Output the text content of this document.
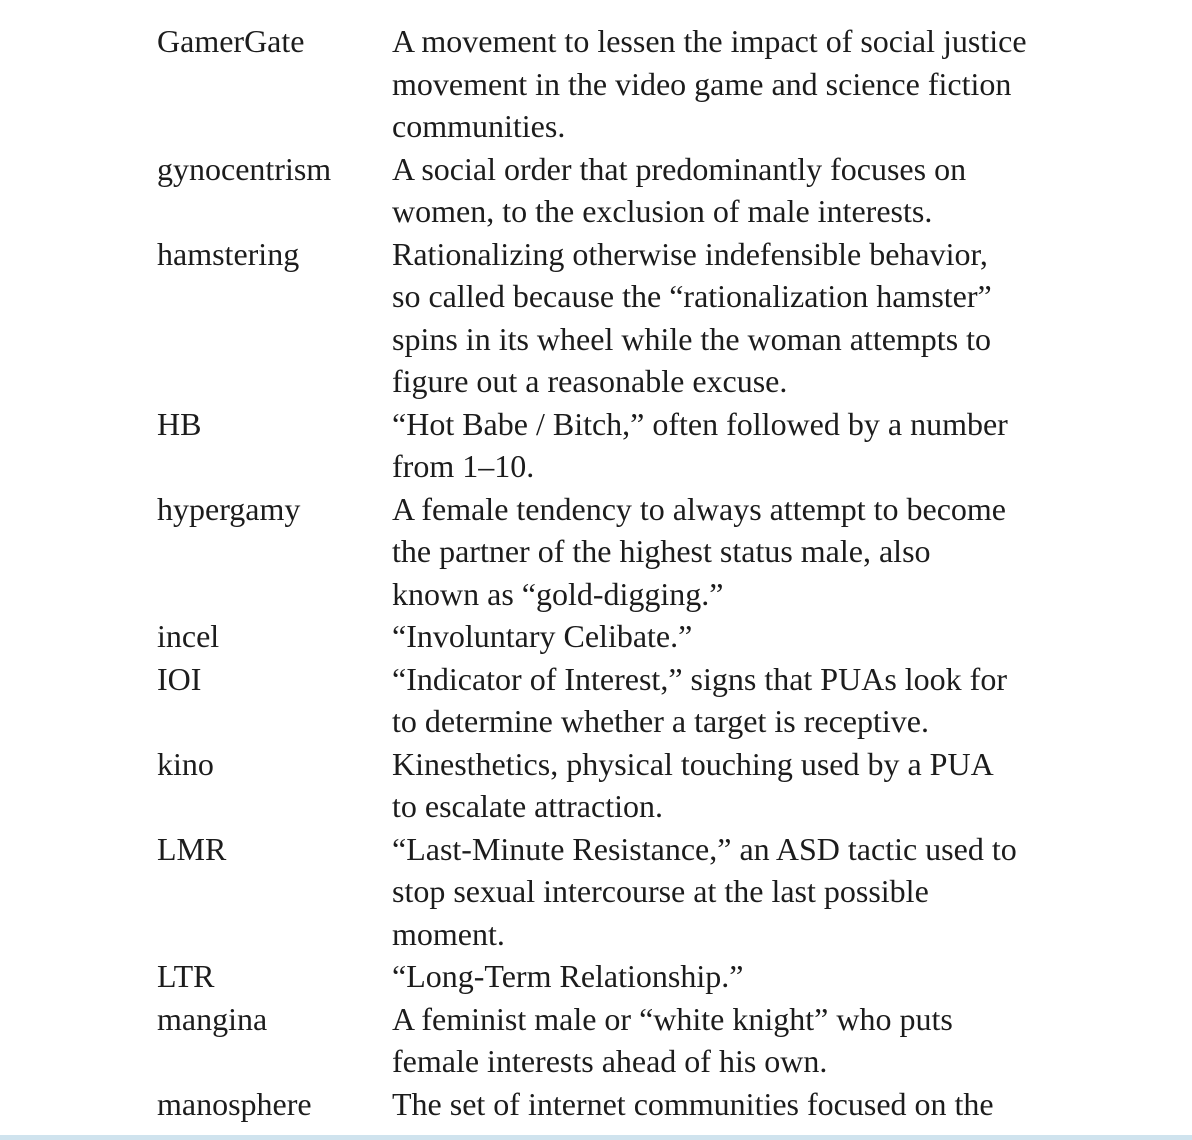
GamerGate	A movement to lessen the impact of social justice
movement in the video game and science fiction
communities.
gynocentrism A social order that predominantly focuses on
women, to the exclusion of male interests.
hamstering	Rationalizing otherwise indefensible behavior,
so called because the “rationalization hamster”
spins in its wheel while the woman attempts to
figure out a reasonable excuse.
HB	“Hot Babe / Bitch,” often followed by a number
from 1–10.
hypergamy	A female tendency to always attempt to become
the partner of the highest status male, also
known as “gold-digging.”
incel	“Involuntary Celibate.”
IOI	“Indicator of Interest,” signs that PUAs look for
to determine whether a target is receptive.
kino	Kinesthetics, physical touching used by a PUA
to escalate attraction.
LMR	“Last-Minute Resistance,” an ASD tactic used to
stop sexual intercourse at the last possible
moment.
LTR	“Long-Term Relationship.”
mangina	A feminist male or “white knight” who puts
female interests ahead of his own.
manosphere	The set of internet communities focused on the
